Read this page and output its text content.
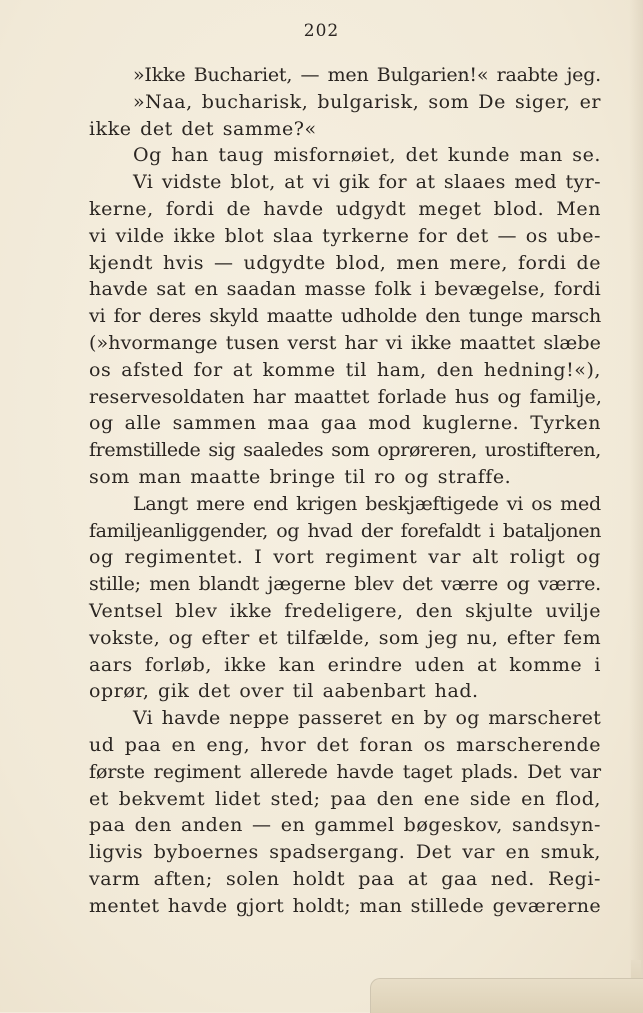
202
»Ikke Buchariet, — men Bulgarien!« raabte jeg.
»Naa, bucharisk, bulgarisk, som De siger, er
ikke det det samme?«
Og han taug misfornøiet, det kunde man se.
Vi vidste blot, at vi gik for at slaaes med tyr-
kerne, fordi de havde udgydt meget blod. Men
vi vilde ikke blot slaa tyrkerne for det — os ube-
kjendt hvis — udgydte blod, men mere, fordi de
havde sat en saadan masse folk i bevægelse, fordi
vi for deres skyld maatte udholde den tunge marsch
(»hvormange tusen verst har vi ikke maattet slæbe
os afsted for at komme til ham, den hedning!«),
reservesoldaten har maattet forlade hus og familje,
og alle sammen maa gaa mod kuglerne. Tyrken
fremstillede sig saaledes som oprøreren, urostifteren,
som man maatte bringe til ro og straffe.
Langt mere end krigen beskjæftigede vi os med
familjeanliggender, og hvad der forefaldt i bataljonen
og regimentet. I vort regiment var alt roligt og
stille; men blandt jægerne blev det værre og værre.
Ventsel blev ikke fredeligere, den skjulte uvilje
vokste, og efter et tilfælde, som jeg nu, efter fem
aars forløb, ikke kan erindre uden at komme i
oprør, gik det over til aabenbart had.
Vi havde neppe passeret en by og marscheret
ud paa en eng, hvor det foran os marscherende
første regiment allerede havde taget plads. Det var
et bekvemt lidet sted; paa den ene side en flod,
paa den anden — en gammel bøgeskov, sandsyn-
ligvis byboernes spadsergang. Det var en smuk,
varm aften; solen holdt paa at gaa ned. Regi-
mentet havde gjort holdt; man stillede geværerne
